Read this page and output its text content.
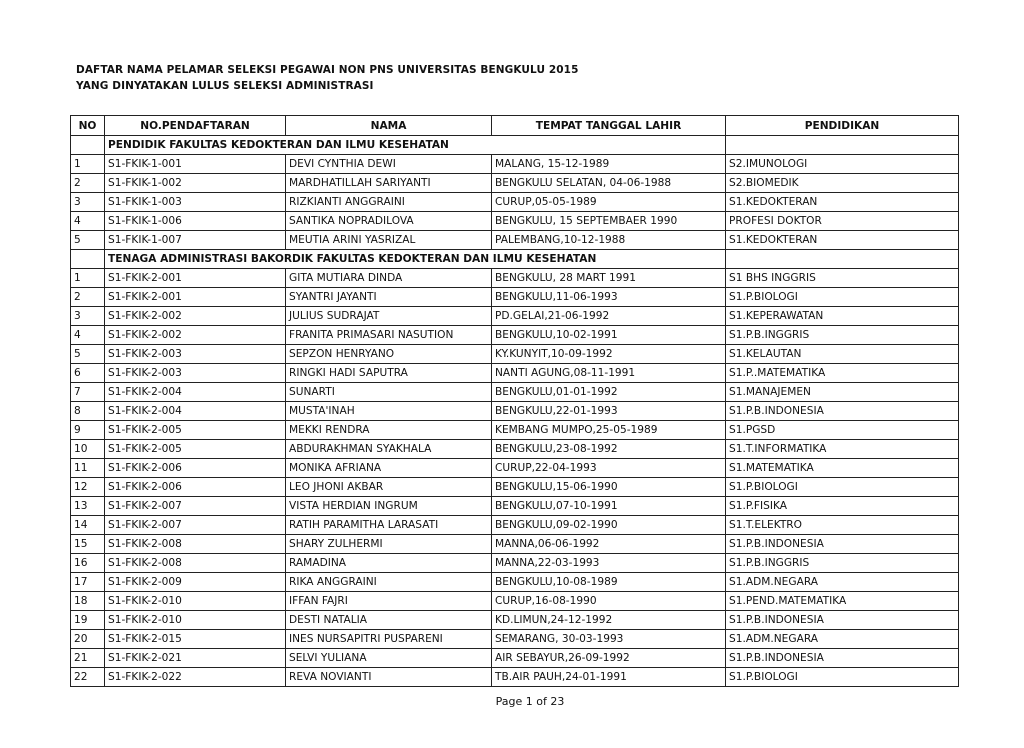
DAFTAR NAMA PELAMAR SELEKSI PEGAWAI NON PNS UNIVERSITAS BENGKULU 2015
YANG DINYATAKAN LULUS SELEKSI ADMINISTRASI
NO	NO.PENDAFTARAN	NAMA	TEMPAT TANGGAL LAHIR	PENDIDIKAN
	PENDIDIK FAKULTAS KEDOKTERAN DAN ILMU KESEHATAN			
1	S1-FKIK-1-001	DEVI CYNTHIA DEWI	MALANG, 15-12-1989	S2.IMUNOLOGI
2	S1-FKIK-1-002	MARDHATILLAH SARIYANTI	BENGKULU SELATAN, 04-06-1988	S2.BIOMEDIK
3	S1-FKIK-1-003	RIZKIANTI ANGGRAINI	CURUP,05-05-1989	S1.KEDOKTERAN
4	S1-FKIK-1-006	SANTIKA NOPRADILOVA	BENGKULU, 15 SEPTEMBAER 1990	PROFESI DOKTOR
5	S1-FKIK-1-007	MEUTIA ARINI YASRIZAL	PALEMBANG,10-12-1988	S1.KEDOKTERAN
	TENAGA ADMINISTRASI BAKORDIK FAKULTAS KEDOKTERAN DAN ILMU KESEHATAN			
1	S1-FKIK-2-001	GITA MUTIARA DINDA	BENGKULU, 28 MART 1991	S1 BHS INGGRIS
2	S1-FKIK-2-001	SYANTRI JAYANTI	BENGKULU,11-06-1993	S1.P.BIOLOGI
3	S1-FKIK-2-002	JULIUS SUDRAJAT	PD.GELAI,21-06-1992	S1.KEPERAWATAN
4	S1-FKIK-2-002	FRANITA PRIMASARI NASUTION	BENGKULU,10-02-1991	S1.P.B.INGGRIS
5	S1-FKIK-2-003	SEPZON HENRYANO	KY.KUNYIT,10-09-1992	S1.KELAUTAN
6	S1-FKIK-2-003	RINGKI HADI SAPUTRA	NANTI AGUNG,08-11-1991	S1.P..MATEMATIKA
7	S1-FKIK-2-004	SUNARTI	BENGKULU,01-01-1992	S1.MANAJEMEN
8	S1-FKIK-2-004	MUSTA'INAH	BENGKULU,22-01-1993	S1.P.B.INDONESIA
9	S1-FKIK-2-005	MEKKI RENDRA	KEMBANG MUMPO,25-05-1989	S1.PGSD
10	S1-FKIK-2-005	ABDURAKHMAN SYAKHALA	BENGKULU,23-08-1992	S1.T.INFORMATIKA
11	S1-FKIK-2-006	MONIKA AFRIANA	CURUP,22-04-1993	S1.MATEMATIKA
12	S1-FKIK-2-006	LEO JHONI AKBAR	BENGKULU,15-06-1990	S1.P.BIOLOGI
13	S1-FKIK-2-007	VISTA HERDIAN INGRUM	BENGKULU,07-10-1991	S1.P.FISIKA
14	S1-FKIK-2-007	RATIH PARAMITHA LARASATI	BENGKULU,09-02-1990	S1.T.ELEKTRO
15	S1-FKIK-2-008	SHARY ZULHERMI	MANNA,06-06-1992	S1.P.B.INDONESIA
16	S1-FKIK-2-008	RAMADINA	MANNA,22-03-1993	S1.P.B.INGGRIS
17	S1-FKIK-2-009	RIKA ANGGRAINI	BENGKULU,10-08-1989	S1.ADM.NEGARA
18	S1-FKIK-2-010	IFFAN FAJRI	CURUP,16-08-1990	S1.PEND.MATEMATIKA
19	S1-FKIK-2-010	DESTI NATALIA	KD.LIMUN,24-12-1992	S1.P.B.INDONESIA
20	S1-FKIK-2-015	INES NURSAPITRI PUSPARENI	SEMARANG, 30-03-1993	S1.ADM.NEGARA
21	S1-FKIK-2-021	SELVI YULIANA	AIR SEBAYUR,26-09-1992	S1.P.B.INDONESIA
22	S1-FKIK-2-022	REVA NOVIANTI	TB.AIR PAUH,24-01-1991	S1.P.BIOLOGI
Page 1 of 23
